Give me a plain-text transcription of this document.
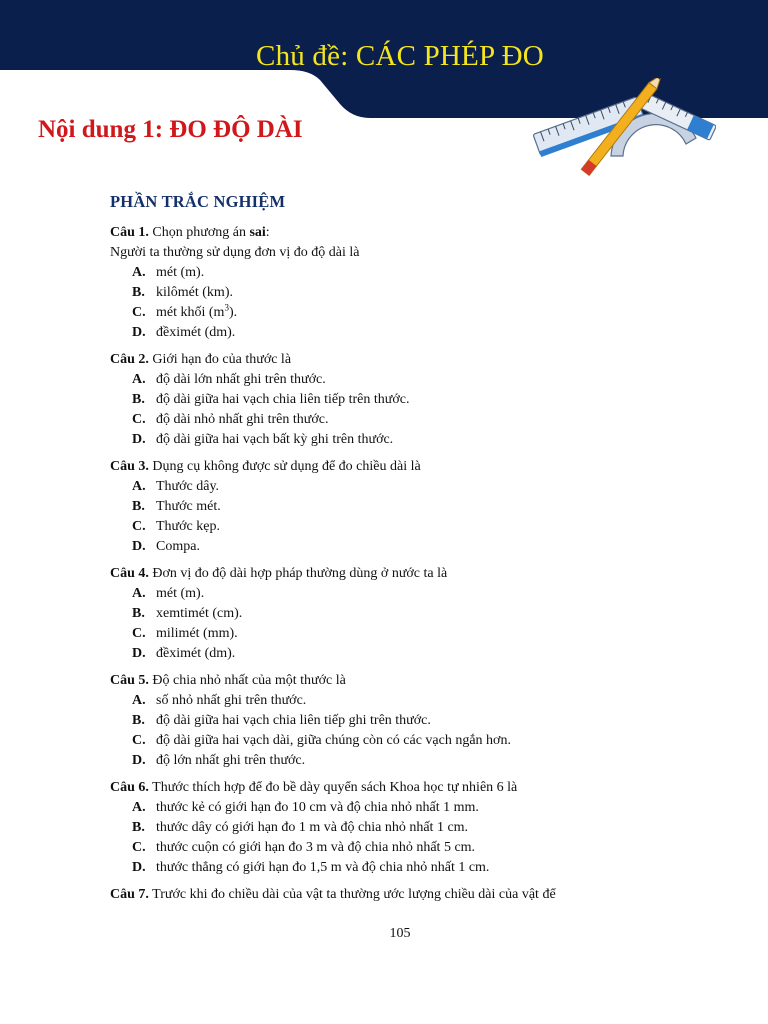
Chủ đề: CÁC PHÉP ĐO
Nội dung 1: ĐO ĐỘ DÀI
PHẦN TRẮC NGHIỆM
Câu 1. Chọn phương án sai:
Người ta thường sử dụng đơn vị đo độ dài là
A. mét (m).
B. kilômét (km).
C. mét khối $(m^3)$.
D. đềximét (dm).
Câu 2. Giới hạn đo của thước là
A. độ dài lớn nhất ghi trên thước.
B. độ dài giữa hai vạch chia liên tiếp trên thước.
C. độ dài nhỏ nhất ghi trên thước.
D. độ dài giữa hai vạch bất kỳ ghi trên thước.
Câu 3. Dụng cụ không được sử dụng để đo chiều dài là
A. Thước dây.
B. Thước mét.
C. Thước kẹp.
D. Compa.
Câu 4. Đơn vị đo độ dài hợp pháp thường dùng ở nước ta là
A. mét (m).
B. xemtimét (cm).
C. milimét (mm).
D. đềximét (dm).
Câu 5. Độ chia nhỏ nhất của một thước là
A. số nhỏ nhất ghi trên thước.
B. độ dài giữa hai vạch chia liên tiếp ghi trên thước.
C. độ dài giữa hai vạch dài, giữa chúng còn có các vạch ngắn hơn.
D. độ lớn nhất ghi trên thước.
Câu 6. Thước thích hợp để đo bề dày quyển sách Khoa học tự nhiên 6 là
A. thước kẻ có giới hạn đo 10 cm và độ chia nhỏ nhất 1 mm.
B. thước dây có giới hạn đo 1 m và độ chia nhỏ nhất 1 cm.
C. thước cuộn có giới hạn đo 3 m và độ chia nhỏ nhất 5 cm.
D. thước thẳng có giới hạn đo 1,5 m và độ chia nhỏ nhất 1 cm.
Câu 7. Trước khi đo chiều dài của vật ta thường ước lượng chiều dài của vật để
105
